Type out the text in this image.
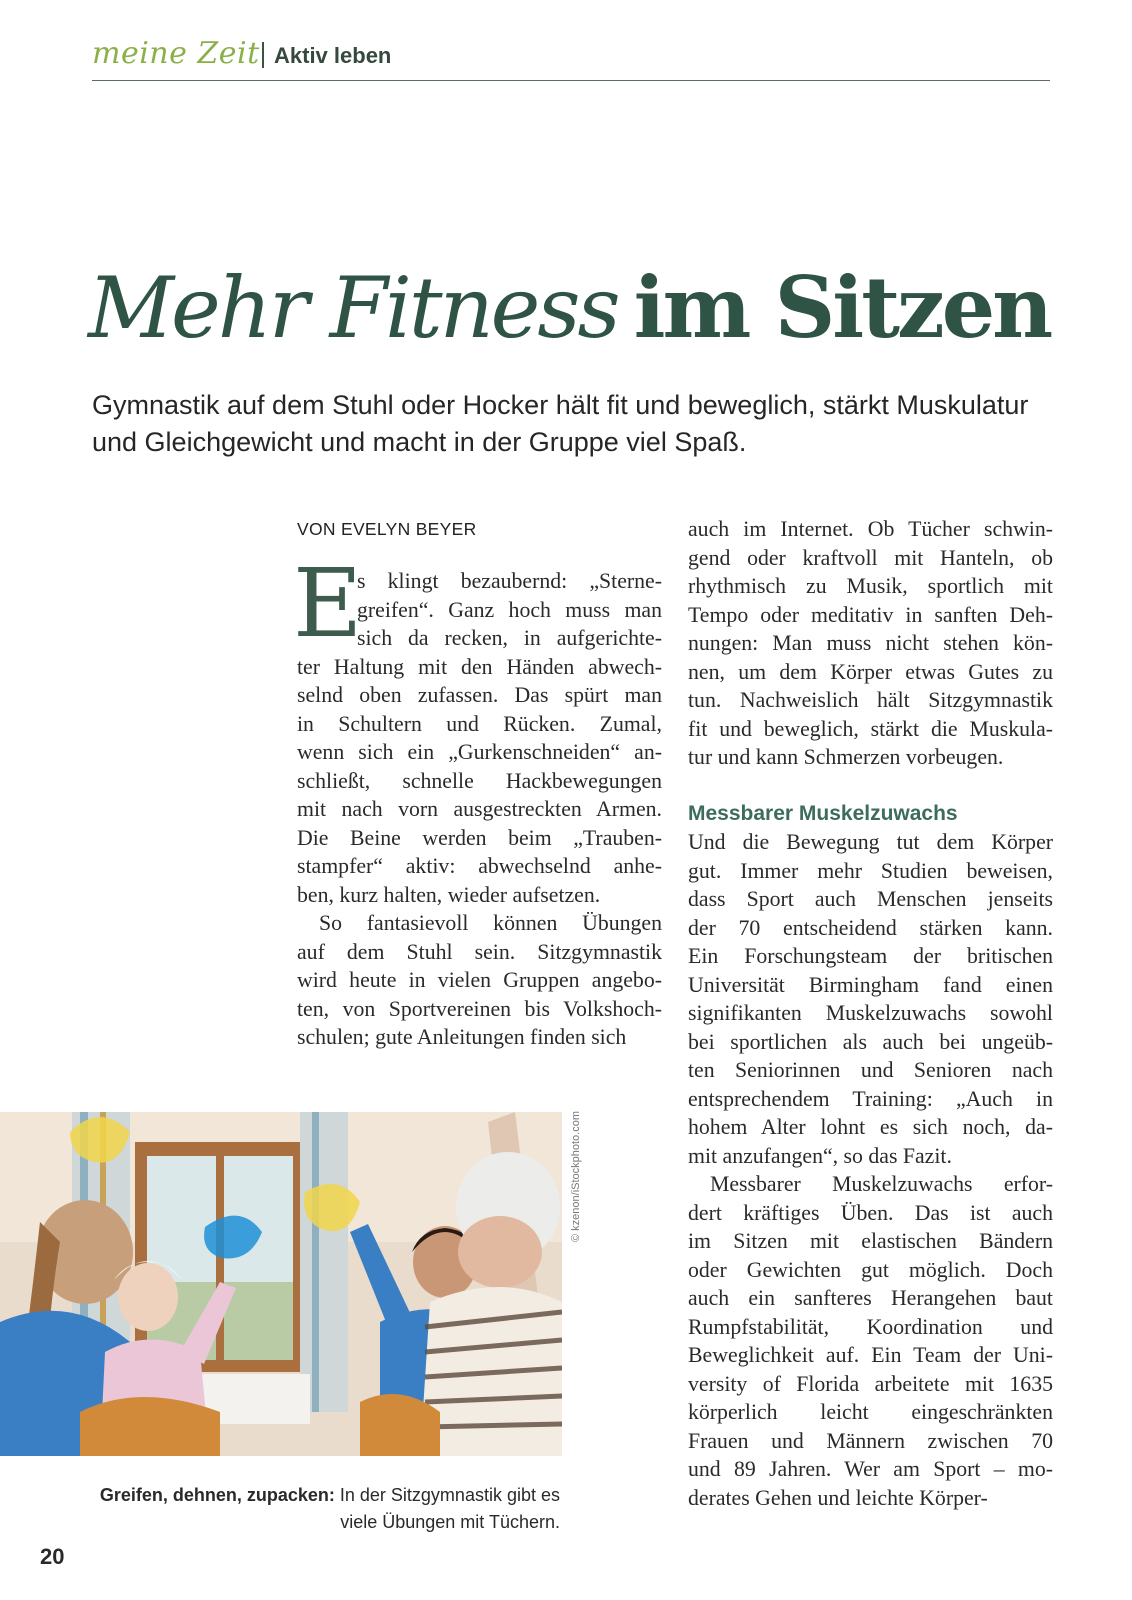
meine Zeit Aktiv leben
Mehr Fitness im Sitzen

Gymnastik auf dem Stuhl oder Hocker hält fit und beweglich, stärkt Muskulatur und Gleichgewicht und macht in der Gruppe viel Spaß.

VON EVELYN BEYER
E
s klingt bezaubernd: „Sterne-
greifen“. Ganz hoch muss man
sich da recken, in aufgerichte-
ter Haltung mit den Händen abwech-
selnd oben zufassen. Das spürt man
in Schultern und Rücken. Zumal,
wenn sich ein „Gurkenschneiden“ an-
schließt, schnelle Hackbewegungen
mit nach vorn ausgestreckten Armen.
Die Beine werden beim „Trauben-
stampfer“ aktiv: abwechselnd anhe-
ben, kurz halten, wieder aufsetzen.
So fantasievoll können Übungen
auf dem Stuhl sein. Sitzgymnastik
wird heute in vielen Gruppen angebo-
ten, von Sportvereinen bis Volkshoch-
schulen; gute Anleitungen finden sich
auch im Internet. Ob Tücher schwin-
gend oder kraftvoll mit Hanteln, ob
rhythmisch zu Musik, sportlich mit
Tempo oder meditativ in sanften Deh-
nungen: Man muss nicht stehen kön-
nen, um dem Körper etwas Gutes zu
tun. Nachweislich hält Sitzgymnastik
fit und beweglich, stärkt die Muskula-
tur und kann Schmerzen vorbeugen.
Messbarer Muskelzuwachs
Und die Bewegung tut dem Körper
gut. Immer mehr Studien beweisen,
dass Sport auch Menschen jenseits
der 70 entscheidend stärken kann.
Ein Forschungsteam der britischen
Universität Birmingham fand einen
signifikanten Muskelzuwachs sowohl
bei sportlichen als auch bei ungeüb-
ten Seniorinnen und Senioren nach
entsprechendem Training: „Auch in
hohem Alter lohnt es sich noch, da-
mit anzufangen“, so das Fazit.
Messbarer Muskelzuwachs erfor-
dert kräftiges Üben. Das ist auch
im Sitzen mit elastischen Bändern
oder Gewichten gut möglich. Doch
auch ein sanfteres Herangehen baut
Rumpfstabilität, Koordination und
Beweglichkeit auf. Ein Team der Uni-
versity of Florida arbeitete mit 1635
körperlich leicht eingeschränkten
Frauen und Männern zwischen 70
und 89 Jahren. Wer am Sport – mo-
derates Gehen und leichte Körper-
© kzenon/iStockphoto.com

Greifen, dehnen, zupacken: In der Sitzgymnastik gibt es viele Übungen mit Tüchern.

20
